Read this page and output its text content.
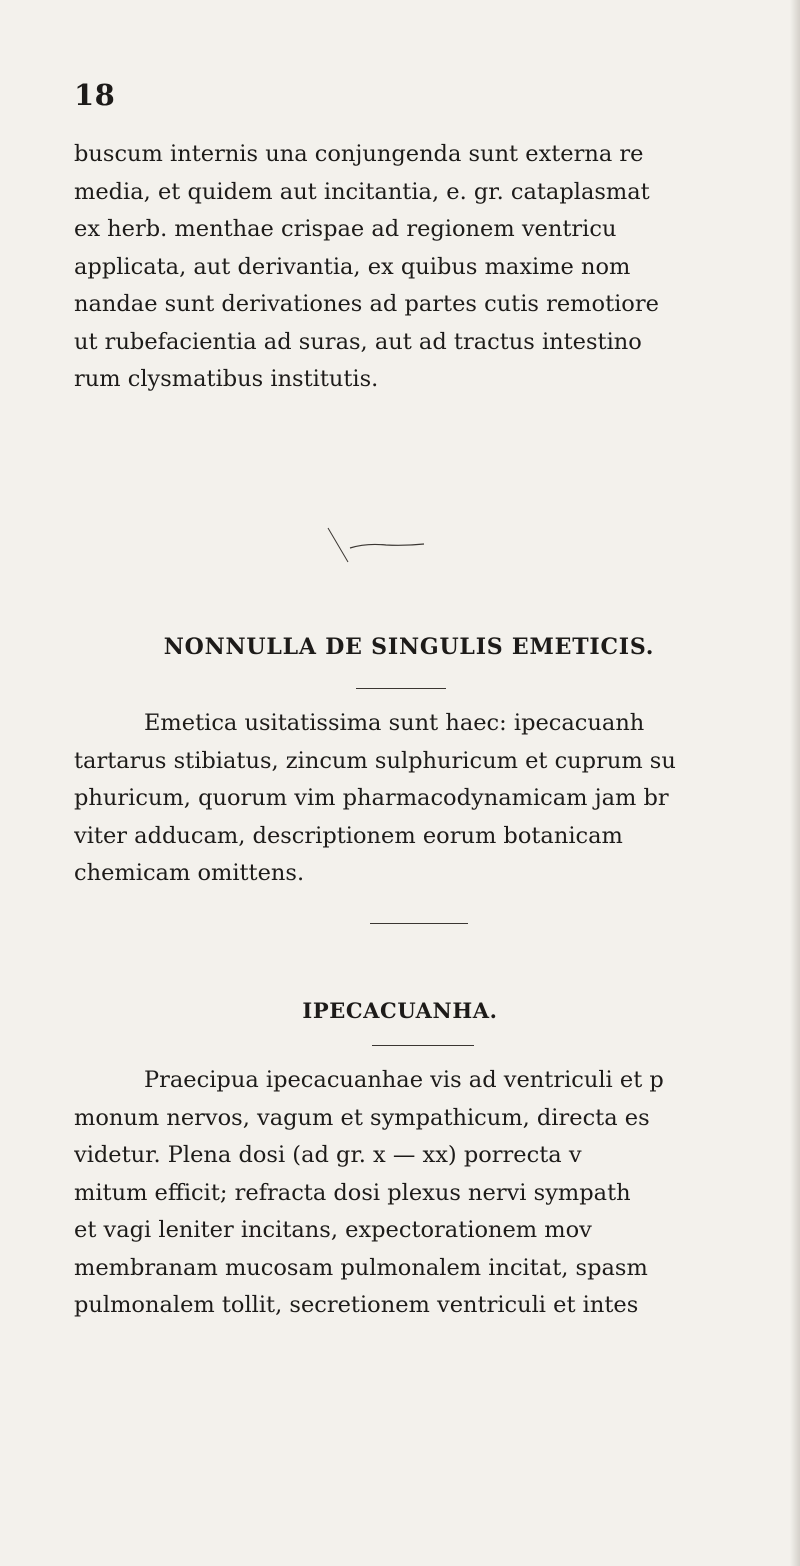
18
buscum internis una conjungenda sunt externa re
media, et quidem aut incitantia, e. gr. cataplasmat
ex herb. menthae crispae ad regionem ventricu
applicata, aut derivantia, ex quibus maxime nom
nandae sunt derivationes ad partes cutis remotiore
ut rubefacientia ad suras, aut ad tractus intestino
rum clysmatibus institutis.
NONNULLA DE SINGULIS EMETICIS.
Emetica usitatissima sunt haec: ipecacuanh
tartarus stibiatus, zincum sulphuricum et cuprum su
phuricum, quorum vim pharmacodynamicam jam br
viter adducam, descriptionem eorum botanicam
chemicam omittens.
IPECACUANHA.
Praecipua ipecacuanhae vis ad ventriculi et p
monum nervos, vagum et sympathicum, directa es
videtur. Plena dosi (ad gr. x — xx) porrecta v
mitum efficit; refracta dosi plexus nervi sympath
et vagi leniter incitans, expectorationem mov
membranam mucosam pulmonalem incitat, spasm
pulmonalem tollit, secretionem ventriculi et intes
